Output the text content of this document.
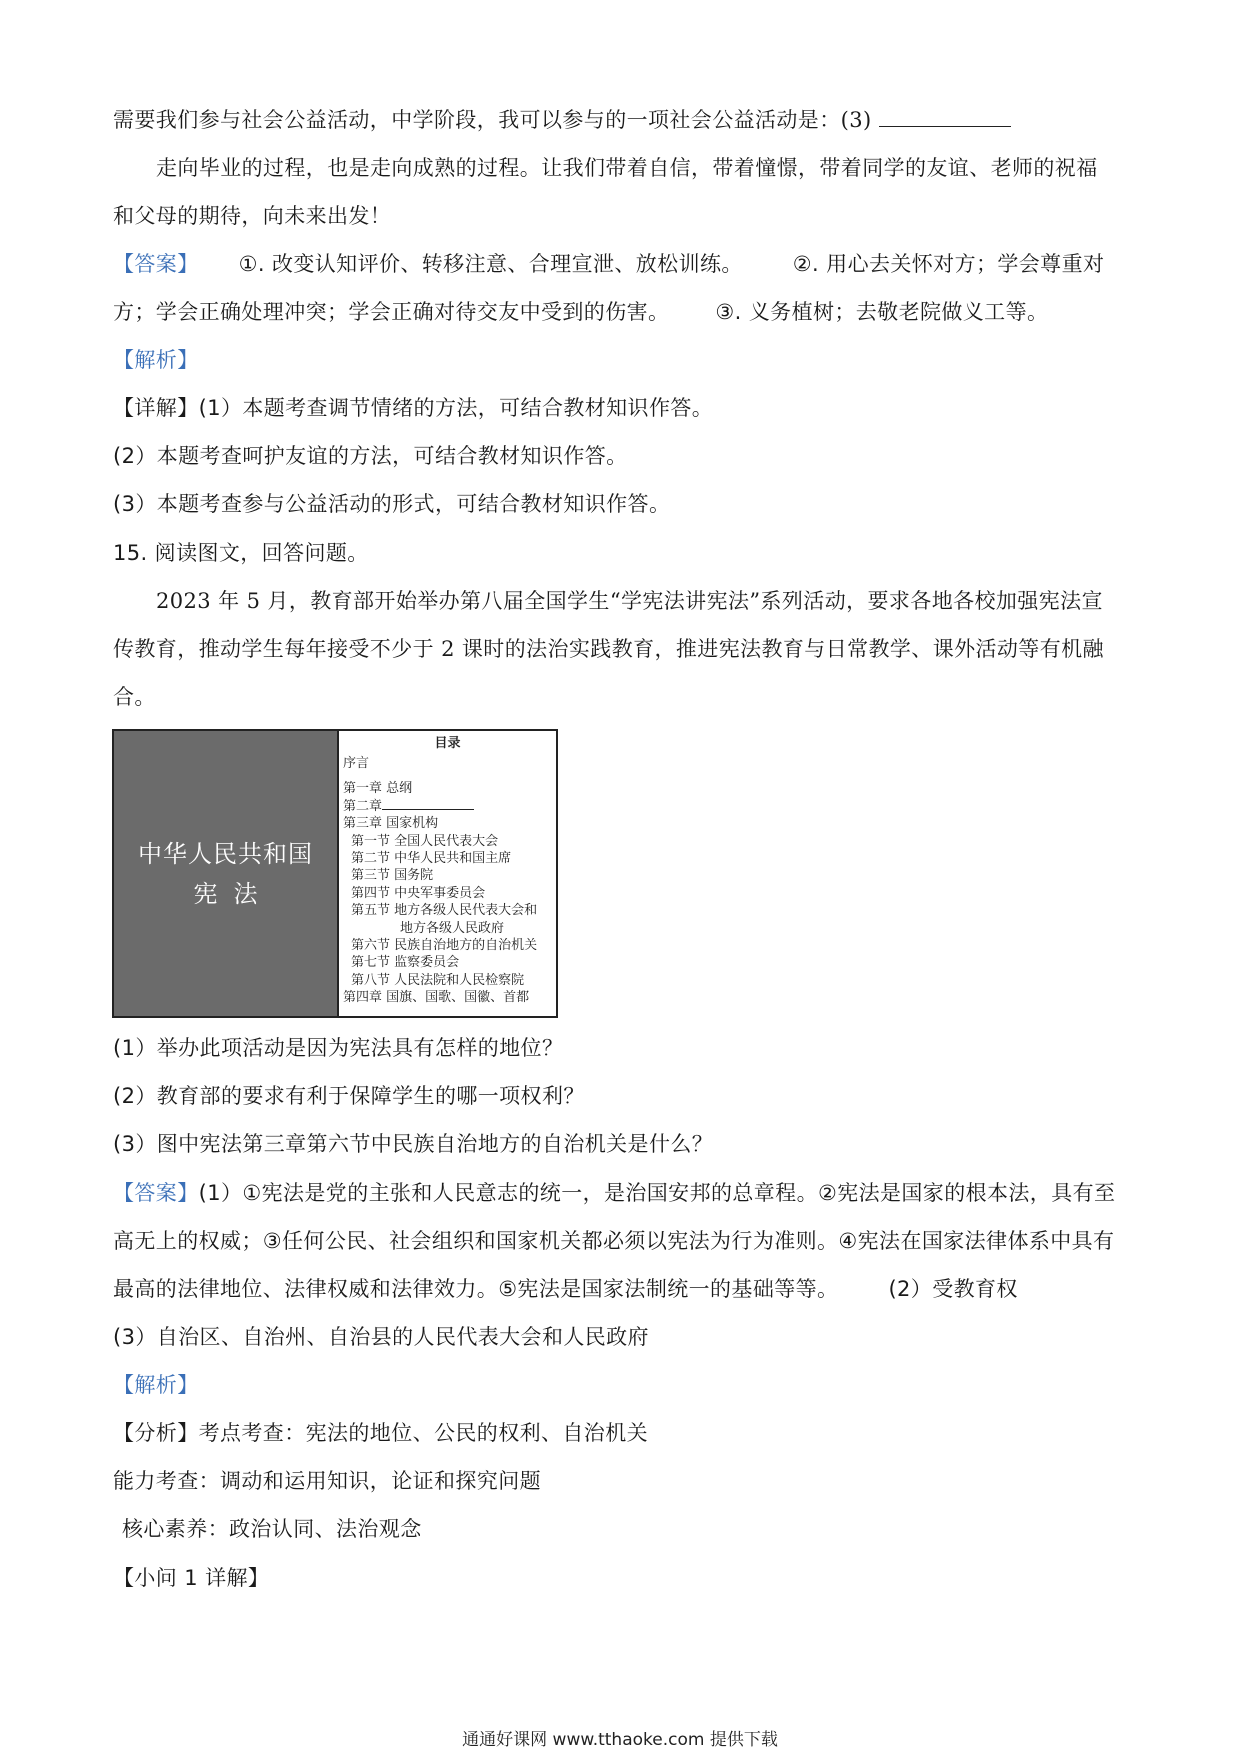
需要我们参与社会公益活动，中学阶段，我可以参与的一项社会公益活动是：(3)
走向毕业的过程，也是走向成熟的过程。让我们带着自信，带着憧憬，带着同学的友谊、老师的祝福
和父母的期待，向未来出发！
【答案】 ①. 改变认知评价、转移注意、合理宣泄、放松训练。 ②. 用心去关怀对方；学会尊重对
方；学会正确处理冲突；学会正确对待交友中受到的伤害。 ③. 义务植树；去敬老院做义工等。
【解析】
【详解】(1）本题考查调节情绪的方法，可结合教材知识作答。
(2）本题考查呵护友谊的方法，可结合教材知识作答。
(3）本题考查参与公益活动的形式，可结合教材知识作答。
15. 阅读图文，回答问题。
2023 年 5 月，教育部开始举办第八届全国学生“学宪法讲宪法”系列活动，要求各地各校加强宪法宣
传教育，推动学生每年接受不少于 2 课时的法治实践教育，推进宪法教育与日常教学、课外活动等有机融
合。
中华人民共和国
宪法
目录
序言
第一章 总纲
第二章
第三章 国家机构
第一节 全国人民代表大会
第二节 中华人民共和国主席
第三节 国务院
第四节 中央军事委员会
第五节 地方各级人民代表大会和
地方各级人民政府
第六节 民族自治地方的自治机关
第七节 监察委员会
第八节 人民法院和人民检察院
第四章 国旗、国歌、国徽、首都
(1）举办此项活动是因为宪法具有怎样的地位？
(2）教育部的要求有利于保障学生的哪一项权利？
(3）图中宪法第三章第六节中民族自治地方的自治机关是什么？
【答案】(1）①宪法是党的主张和人民意志的统一，是治国安邦的总章程。②宪法是国家的根本法，具有至
高无上的权威；③任何公民、社会组织和国家机关都必须以宪法为行为准则。④宪法在国家法律体系中具有
最高的法律地位、法律权威和法律效力。⑤宪法是国家法制统一的基础等等。 (2）受教育权
(3）自治区、自治州、自治县的人民代表大会和人民政府
【解析】
【分析】考点考查：宪法的地位、公民的权利、自治机关
能力考查：调动和运用知识，论证和探究问题
核心素养：政治认同、法治观念
【小问 1 详解】
通通好课网 www.tthaoke.com 提供下载
